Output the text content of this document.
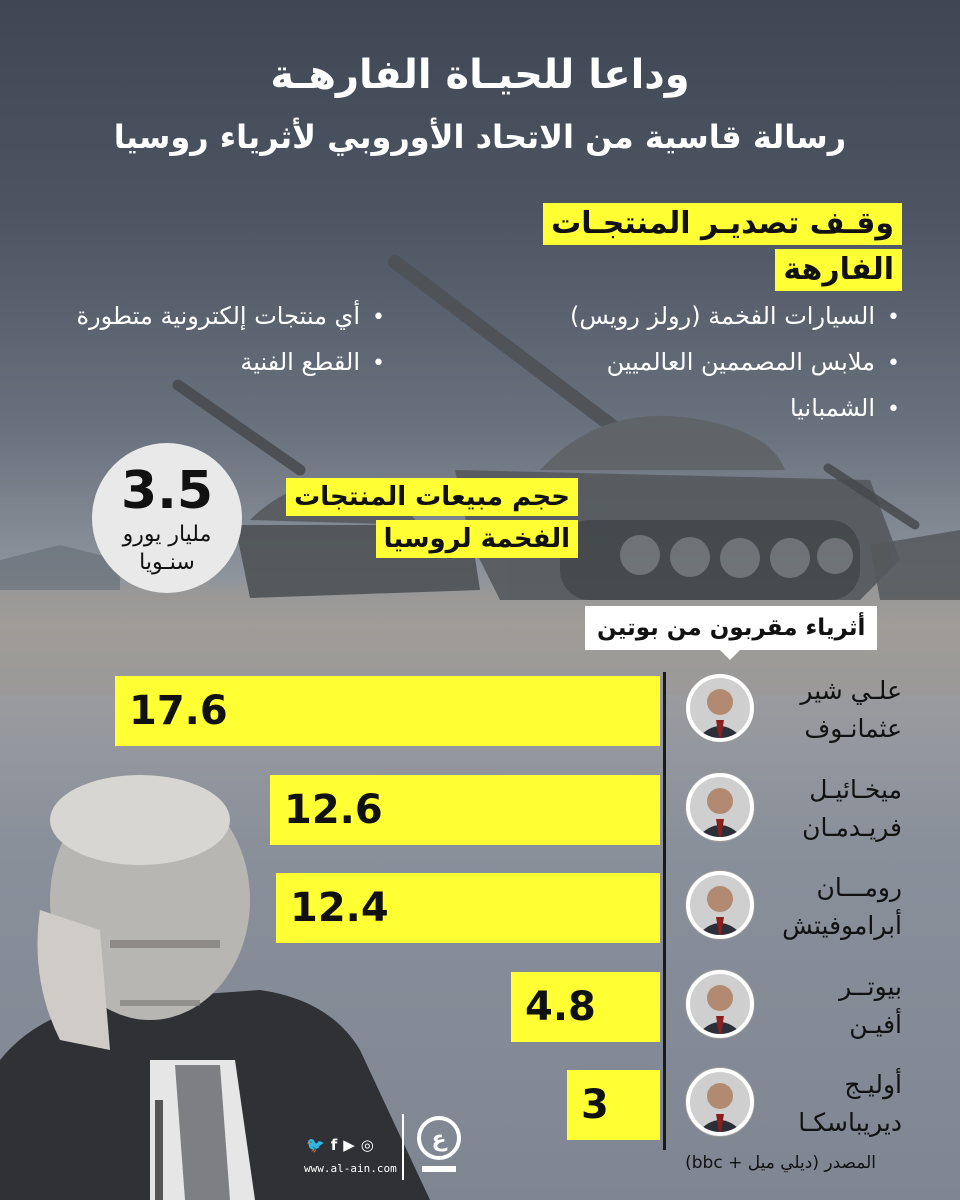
وداعا للحيـاة الفارهـة
رسالة قاسية من الاتحاد الأوروبي لأثرياء روسيا
وقـف تصديـر المنتجـات
الفارهة
• السيارات الفخمة (رولز رويس)
• ملابس المصممين العالميين
• الشمبانيا
• أي منتجات إلكترونية متطورة
• القطع الفنية
3.5
مليار يورو
سنـويا
حجم مبيعات المنتجات
الفخمة لروسيا
أثرياء مقربون من بوتين
17.6	علـي شير
عثمانـوف
12.6	ميخـائيـل
فريـدمـان
12.4	رومـــان
أبراموفيتش
4.8	بيوتــر
أفيـن
3	أوليـج
ديريباسكـا
المصدر (ديلي ميل + bbc)
🐦 f ▶ ◎
www.al-ain.com
ع
